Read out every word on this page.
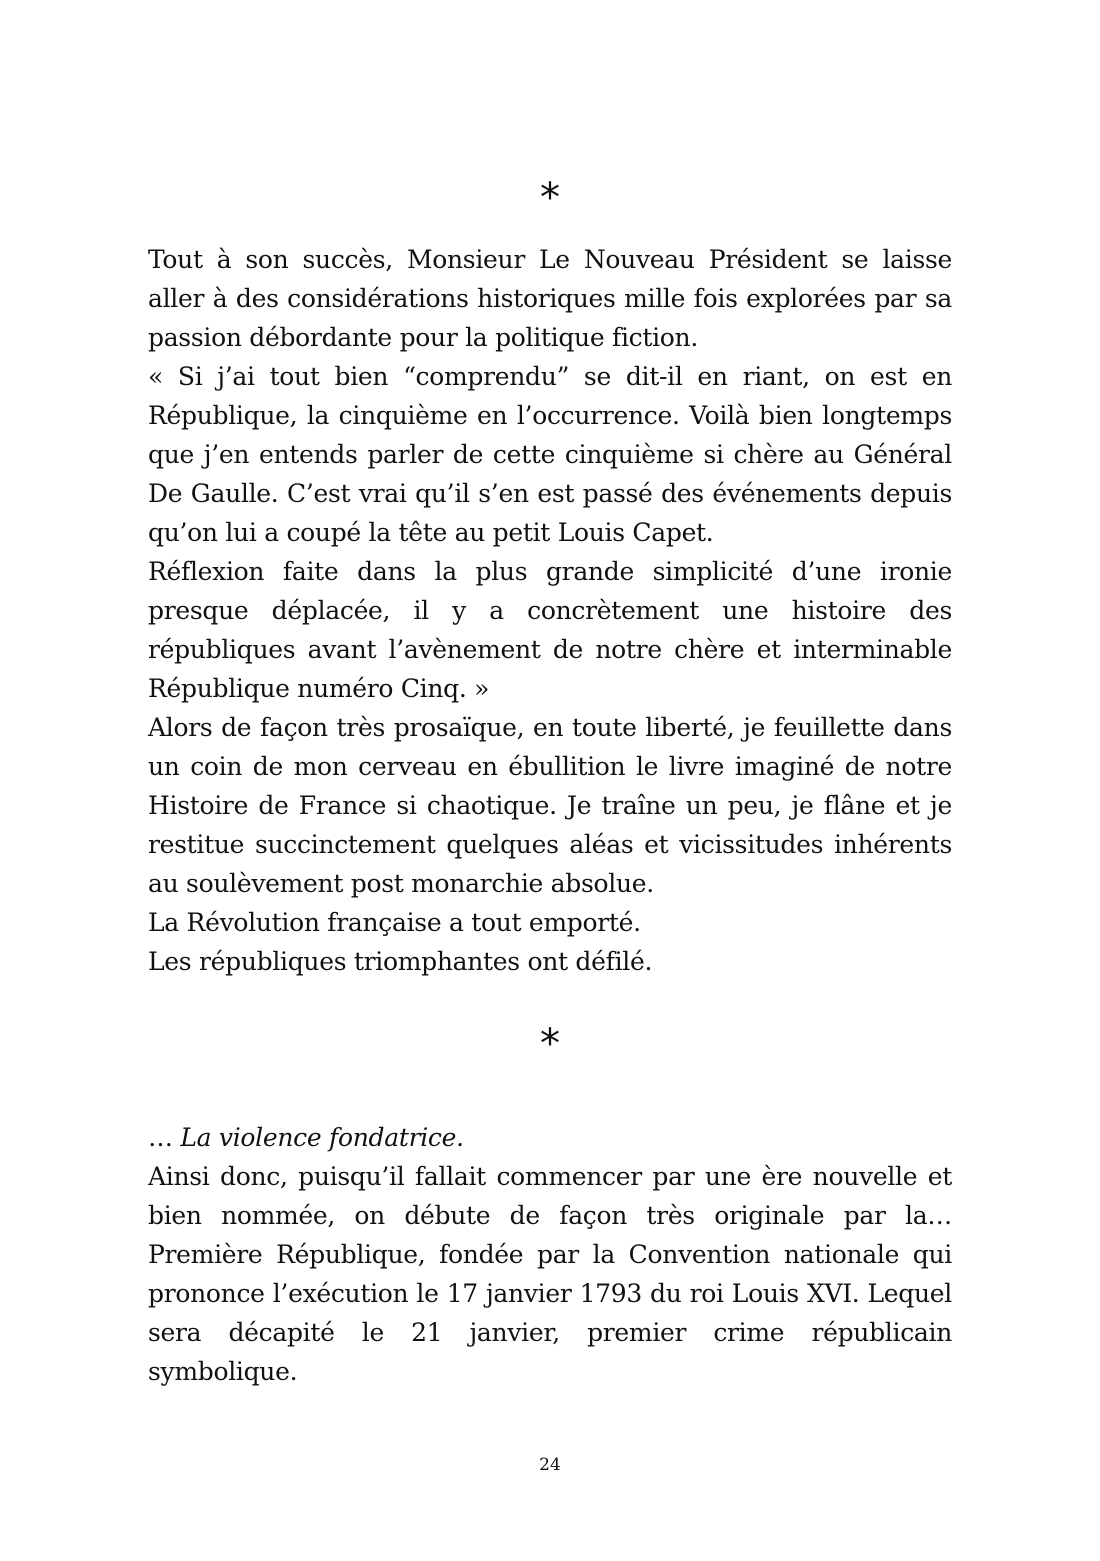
*

Tout à son succès, Monsieur Le Nouveau Président se laisse aller à des considérations historiques mille fois explorées par sa passion débordante pour la politique fiction.

« Si j’ai tout bien “comprendu” se dit-il en riant, on est en République, la cinquième en l’occurrence. Voilà bien longtemps que j’en entends parler de cette cinquième si chère au Général De Gaulle. C’est vrai qu’il s’en est passé des événements depuis qu’on lui a coupé la tête au petit Louis Capet.

Réflexion faite dans la plus grande simplicité d’une ironie presque déplacée, il y a concrètement une histoire des républiques avant l’avènement de notre chère et interminable République numéro Cinq. »

Alors de façon très prosaïque, en toute liberté, je feuillette dans un coin de mon cerveau en ébullition le livre imaginé de notre Histoire de France si chaotique. Je traîne un peu, je flâne et je restitue succinctement quelques aléas et vicissitudes inhérents au soulèvement post monarchie absolue.

La Révolution française a tout emporté.

Les républiques triomphantes ont défilé.

*

… La violence fondatrice.

Ainsi donc, puisqu’il fallait commencer par une ère nouvelle et bien nommée, on débute de façon très originale par la… Première République, fondée par la Convention nationale qui prononce l’exécution le 17 janvier 1793 du roi Louis XVI. Lequel sera décapité le 21 janvier, premier crime républicain symbolique.

24
